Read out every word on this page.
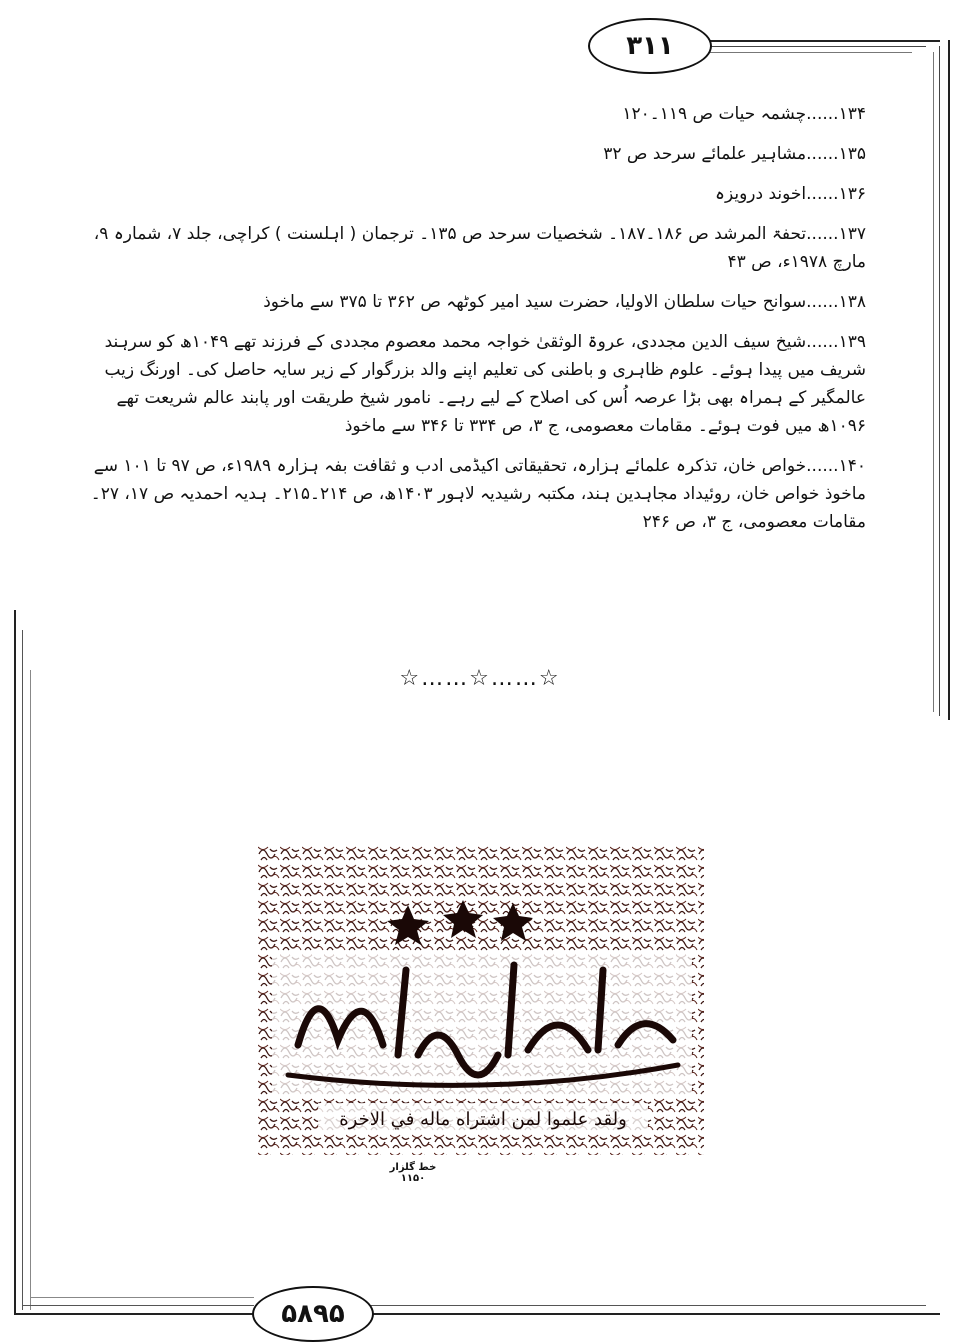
۳۱۱
۱۳۴......چشمہ حیات ص ۱۱۹۔۱۲۰
۱۳۵......مشاہیر علمائے سرحد ص ۳۲
۱۳۶......اخوند درویزہ
۱۳۷......تحفۃ المرشد ص ۱۸۶۔۱۸۷۔ شخصیات سرحد ص ۱۳۵۔ ترجمان ( اہلسنت ) کراچی، جلد ۷، شمارہ ۹، مارچ ۱۹۷۸ء، ص ۴۳
۱۳۸......سوانح حیات سلطان الاولیا، حضرت سید امیر کوٹھہ ص ۳۶۲ تا ۳۷۵ سے ماخوذ
۱۳۹......شیخ سیف الدین مجددی، عروۃ الوثقیٰ خواجہ محمد معصوم مجددی کے فرزند تھے ۱۰۴۹ھ کو سرہند شریف میں پیدا ہوئے۔ علوم ظاہری و باطنی کی تعلیم اپنے والد بزرگوار کے زیر سایہ حاصل کی۔ اورنگ زیب عالمگیر کے ہمراہ بھی بڑا عرصہ اُس کی اصلاح کے لیے رہے۔ نامور شیخ طریقت اور پابند عالم شریعت تھے ۱۰۹۶ھ میں فوت ہوئے۔ مقامات معصومی، ج ۳، ص ۳۳۴ تا ۳۴۶ سے ماخوذ
۱۴۰......خواص خان، تذکرہ علمائے ہزارہ، تحقیقاتی اکیڈمی ادب و ثقافت بفہ ہزارہ ۱۹۸۹ء، ص ۹۷ تا ۱۰۱ سے ماخوذ خواص خان، روئیداد مجاہدین ہند، مکتبہ رشیدیہ لاہور ۱۴۰۳ھ، ص ۲۱۴۔۲۱۵۔ ہدیہ احمدیہ ص ۱۷، ۲۷۔ مقامات معصومی، ج ۳، ص ۲۴۶
☆……☆……☆
ولقد علموا لمن اشتراه ماله في الاخرة
خط گلزار ۱۱۵۰
۵۸۹۵
